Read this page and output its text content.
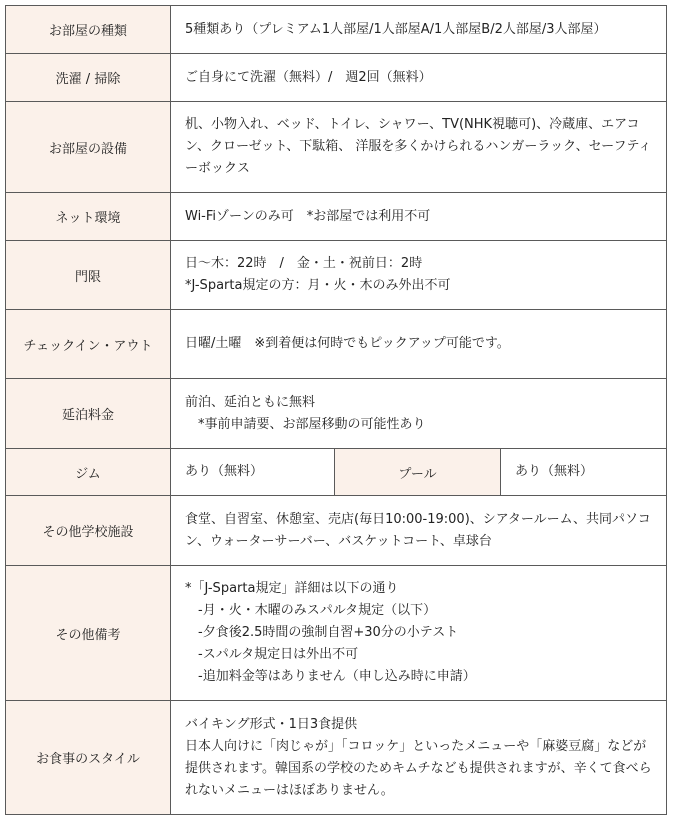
お部屋の種類	5種類あり（プレミアム1人部屋/1人部屋A/1人部屋B/2人部屋/3人部屋）		
洗濯 / 掃除	ご自身にて洗濯（無料）/　週2回（無料）		
お部屋の設備	机、小物入れ、ベッド、トイレ、シャワー、TV(NHK視聴可)、冷蔵庫、エアコン、クローゼット、下駄箱、 洋服を多くかけられるハンガーラック、セーフティーボックス		
ネット環境	Wi-Fiゾーンのみ可　*お部屋では利用不可		
門限	日〜木：22時　/　金・土・祝前日：2時
*J-Sparta規定の方：月・火・木のみ外出不可		

チェックイン・アウト	日曜/土曜　※到着便は何時でもピックアップ可能です。		
延泊料金	前泊、延泊ともに無料
　*事前申請要、お部屋移動の可能性あり		

ジム	あり（無料）	プール	あり（無料）
その他学校施設	食堂、自習室、休憩室、売店(毎日10:00-19:00)、シアタールーム、共同パソコン、ウォーターサーバー、バスケットコート、卓球台		
その他備考	*「J-Sparta規定」詳細は以下の通り
　-月・火・木曜のみスパルタ規定（以下）
　-夕食後2.5時間の強制自習+30分の小テスト
　-スパルタ規定日は外出不可
　-追加料金等はありません（申し込み時に申請）		

お食事のスタイル	バイキング形式・1日3食提供
日本人向けに「肉じゃが」「コロッケ」といったメニューや「麻婆豆腐」などが提供されます。韓国系の学校のためキムチなども提供されますが、辛くて食べられないメニューはほぼありません。		
